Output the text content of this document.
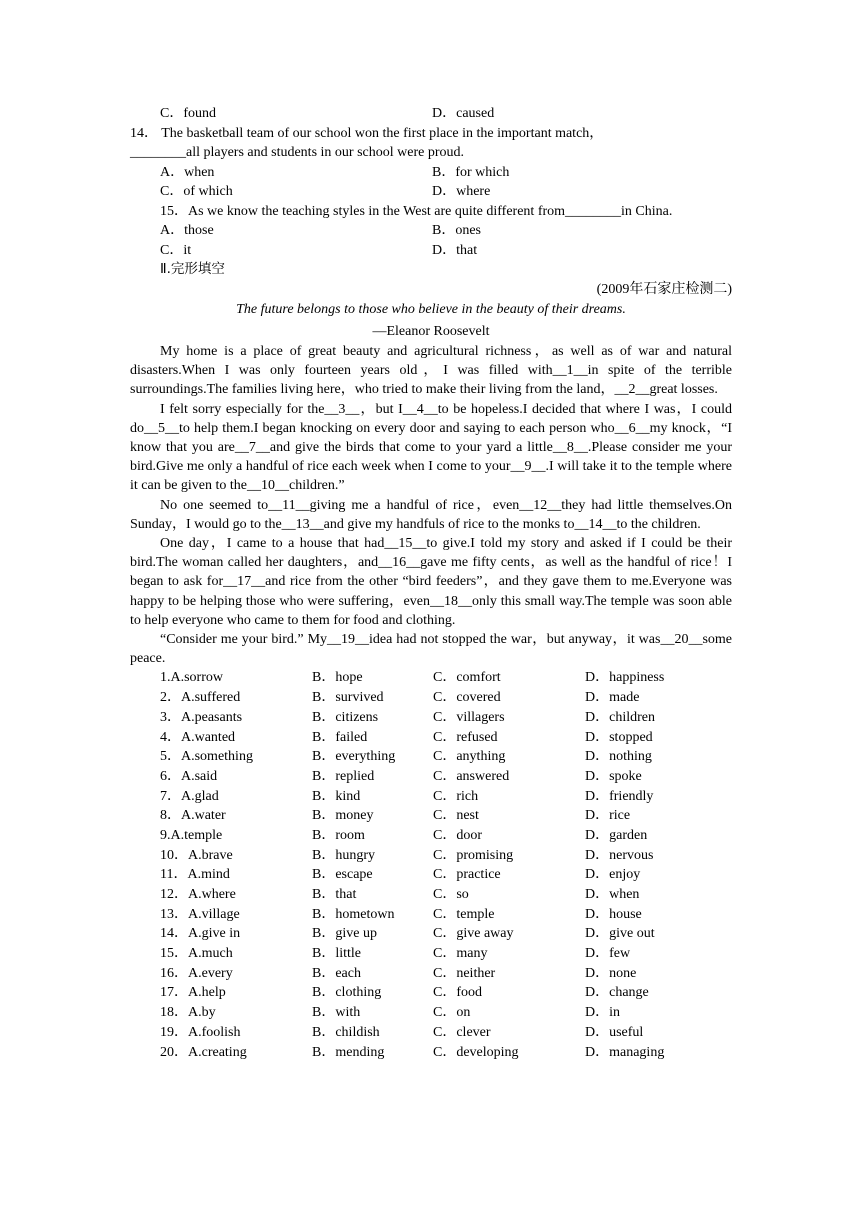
C．found	D．caused
14． The basketball team of our school won the first place in the important match，
________all players and students in our school were proud.
A．when	B．for which
C．of which	D．where
15．As we know the teaching styles in the West are quite different from________in China.
A．those	B．ones
C．it	D．that
Ⅱ.完形填空
(2009年石家庄检测二)
The future belongs to those who believe in the beauty of their dreams.
—Eleanor Roosevelt

My home is a place of great beauty and agricultural richness，as well as of war and natural disasters.When I was only fourteen years old，I was filled with__1__in spite of the terrible surroundings.The families living here，who tried to make their living from the land，__2__great losses.

I felt sorry especially for the__3__，but I__4__to be hopeless.I decided that where I was，I could do__5__to help them.I began knocking on every door and saying to each person who__6__my knock，“I know that you are__7__and give the birds that come to your yard a little__8__.Please consider me your bird.Give me only a handful of rice each week when I come to your__9__.I will take it to the temple where it can be given to the__10__children.”

No one seemed to__11__giving me a handful of rice，even__12__they had little themselves.On Sunday，I would go to the__13__and give my handfuls of rice to the monks to__14__to the children.

One day，I came to a house that had__15__to give.I told my story and asked if I could be their bird.The woman called her daughters，and__16__gave me fifty cents，as well as the handful of rice！I began to ask for__17__and rice from the other “bird feeders”，and they gave them to me.Everyone was happy to be helping those who were suffering，even__18__only this small way.The temple was soon able to help everyone who came to them for food and clothing.

“Consider me your bird.” My__19__idea had not stopped the war，but anyway，it was__20__some peace.

1.A.sorrow	B．hope	C．comfort	D．happiness
2．A.suffered	B．survived	C．covered	D．made
3．A.peasants	B．citizens	C．villagers	D．children
4．A.wanted	B．failed	C．refused	D．stopped
5．A.something	B．everything	C．anything	D．nothing
6．A.said	B．replied	C．answered	D．spoke
7．A.glad	B．kind	C．rich	D．friendly
8．A.water	B．money	C．nest	D．rice
9.A.temple	B．room	C．door	D．garden
10．A.brave	B．hungry	C．promising	D．nervous
11．A.mind	B．escape	C．practice	D．enjoy
12．A.where	B．that	C．so	D．when
13．A.village	B．hometown	C．temple	D．house
14．A.give in	B．give up	C．give away	D．give out
15．A.much	B．little	C．many	D．few
16．A.every	B．each	C．neither	D．none
17．A.help	B．clothing	C．food	D．change
18．A.by	B．with	C．on	D．in
19．A.foolish	B．childish	C．clever	D．useful
20．A.creating	B．mending	C．developing	D．managing
